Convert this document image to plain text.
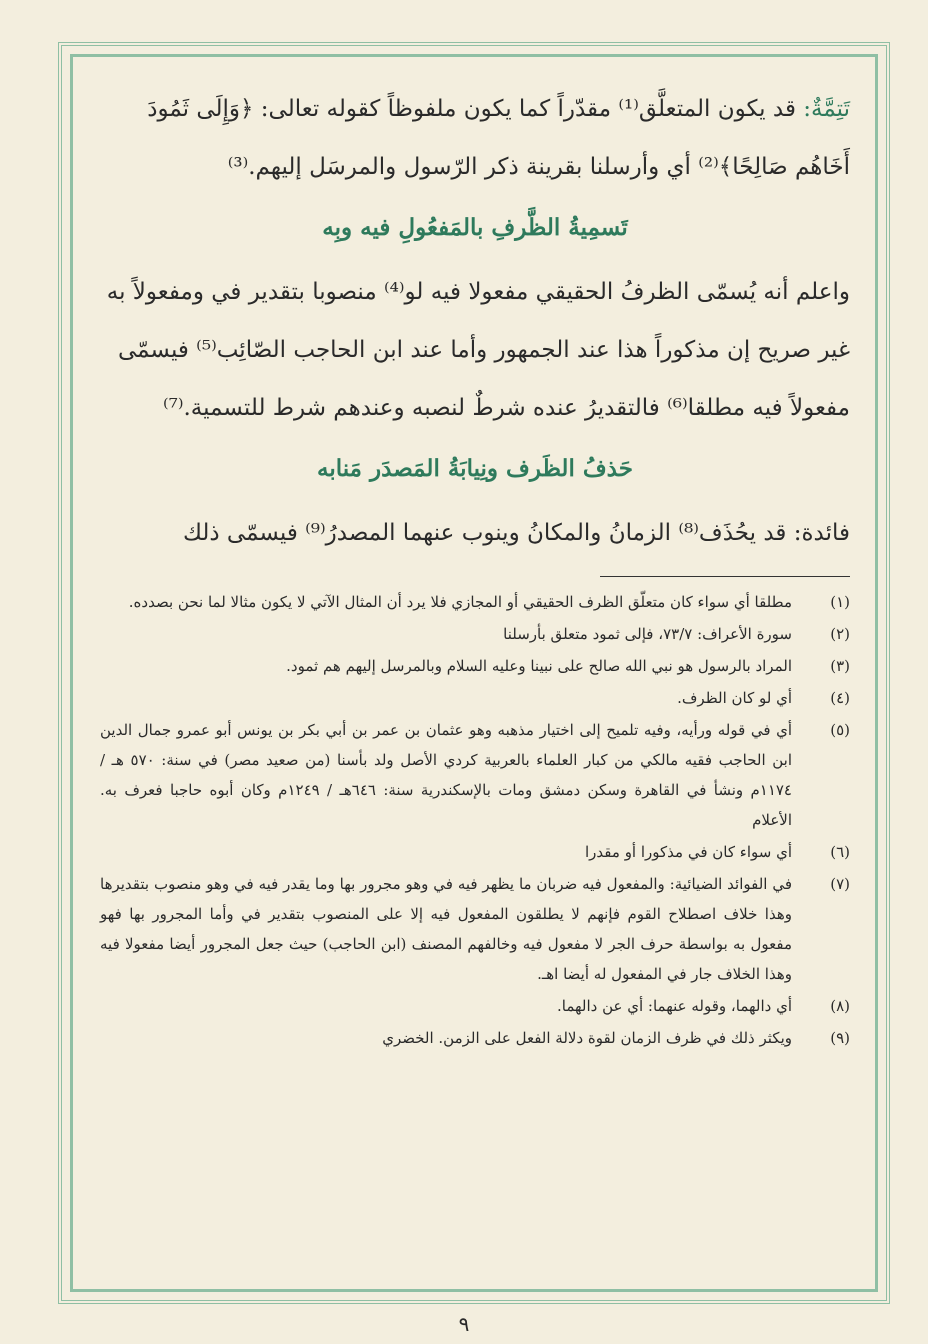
تَتِمَّةٌ: قد يكون المتعلَّق⁽¹⁾ مقدّراً كما يكون ملفوظاً كقوله تعالى: ﴿وَإِلَى ثَمُودَ

أَخَاهُم صَالِحًا﴾⁽²⁾ أي وأرسلنا بقرينة ذكر الرّسول والمرسَل إليهم.⁽³⁾

تَسمِيةُ الظَّرفِ بالمَفعُولِ فيه وبِه

واعلم أنه يُسمّى الظرفُ الحقيقي مفعولا فيه لو⁽⁴⁾ منصوبا بتقدير في ومفعولاً به

غير صريح إن مذكوراً هذا عند الجمهور وأما عند ابن الحاجب الصّائِب⁽⁵⁾ فيسمّى

مفعولاً فيه مطلقا⁽⁶⁾ فالتقديرُ عنده شرطٌ لنصبه وعندهم شرط للتسمية.⁽⁷⁾

حَذفُ الظَرف ونِيابَةُ المَصدَر مَنابه

فائدة: قد يحُذَف⁽⁸⁾ الزمانُ والمكانُ وينوب عنهما المصدرُ⁽⁹⁾ فيسمّى ذلك

(١)
مطلقا أي سواء كان متعلّق الظرف الحقيقي أو المجازي فلا يرد أن المثال الآتي لا يكون مثالا لما نحن بصدده.
(٢)
سورة الأعراف: ٧٣/٧، فإلى ثمود متعلق بأرسلنا
(٣)
المراد بالرسول هو نبي الله صالح على نبينا وعليه السلام وبالمرسل إليهم هم ثمود.
(٤)
أي لو كان الظرف.
(٥)
أي في قوله ورأيه، وفيه تلميح إلى اختيار مذهبه وهو عثمان بن عمر بن أبي بكر بن يونس أبو عمرو جمال الدين ابن الحاجب فقيه مالكي من كبار العلماء بالعربية كردي الأصل ولد بأسنا (من صعيد مصر) في سنة: ٥٧٠ هـ / ١١٧٤م ونشأ في القاهرة وسكن دمشق ومات بالإسكندرية سنة: ٦٤٦هـ / ١٢٤٩م وكان أبوه حاجبا فعرف به. الأعلام
(٦)
أي سواء كان في مذكورا أو مقدرا
(٧)
في الفوائد الضيائية: والمفعول فيه ضربان ما يظهر فيه في وهو مجرور بها وما يقدر فيه في وهو منصوب بتقديرها وهذا خلاف اصطلاح القوم فإنهم لا يطلقون المفعول فيه إلا على المنصوب بتقدير في وأما المجرور بها فهو مفعول به بواسطة حرف الجر لا مفعول فيه وخالفهم المصنف (ابن الحاجب) حيث جعل المجرور أيضا مفعولا فيه وهذا الخلاف جار في المفعول له أيضا اهـ.
(٨)
أي دالهما، وقوله عنهما: أي عن دالهما.
(٩)
ويكثر ذلك في ظرف الزمان لقوة دلالة الفعل على الزمن. الخضري
٩
